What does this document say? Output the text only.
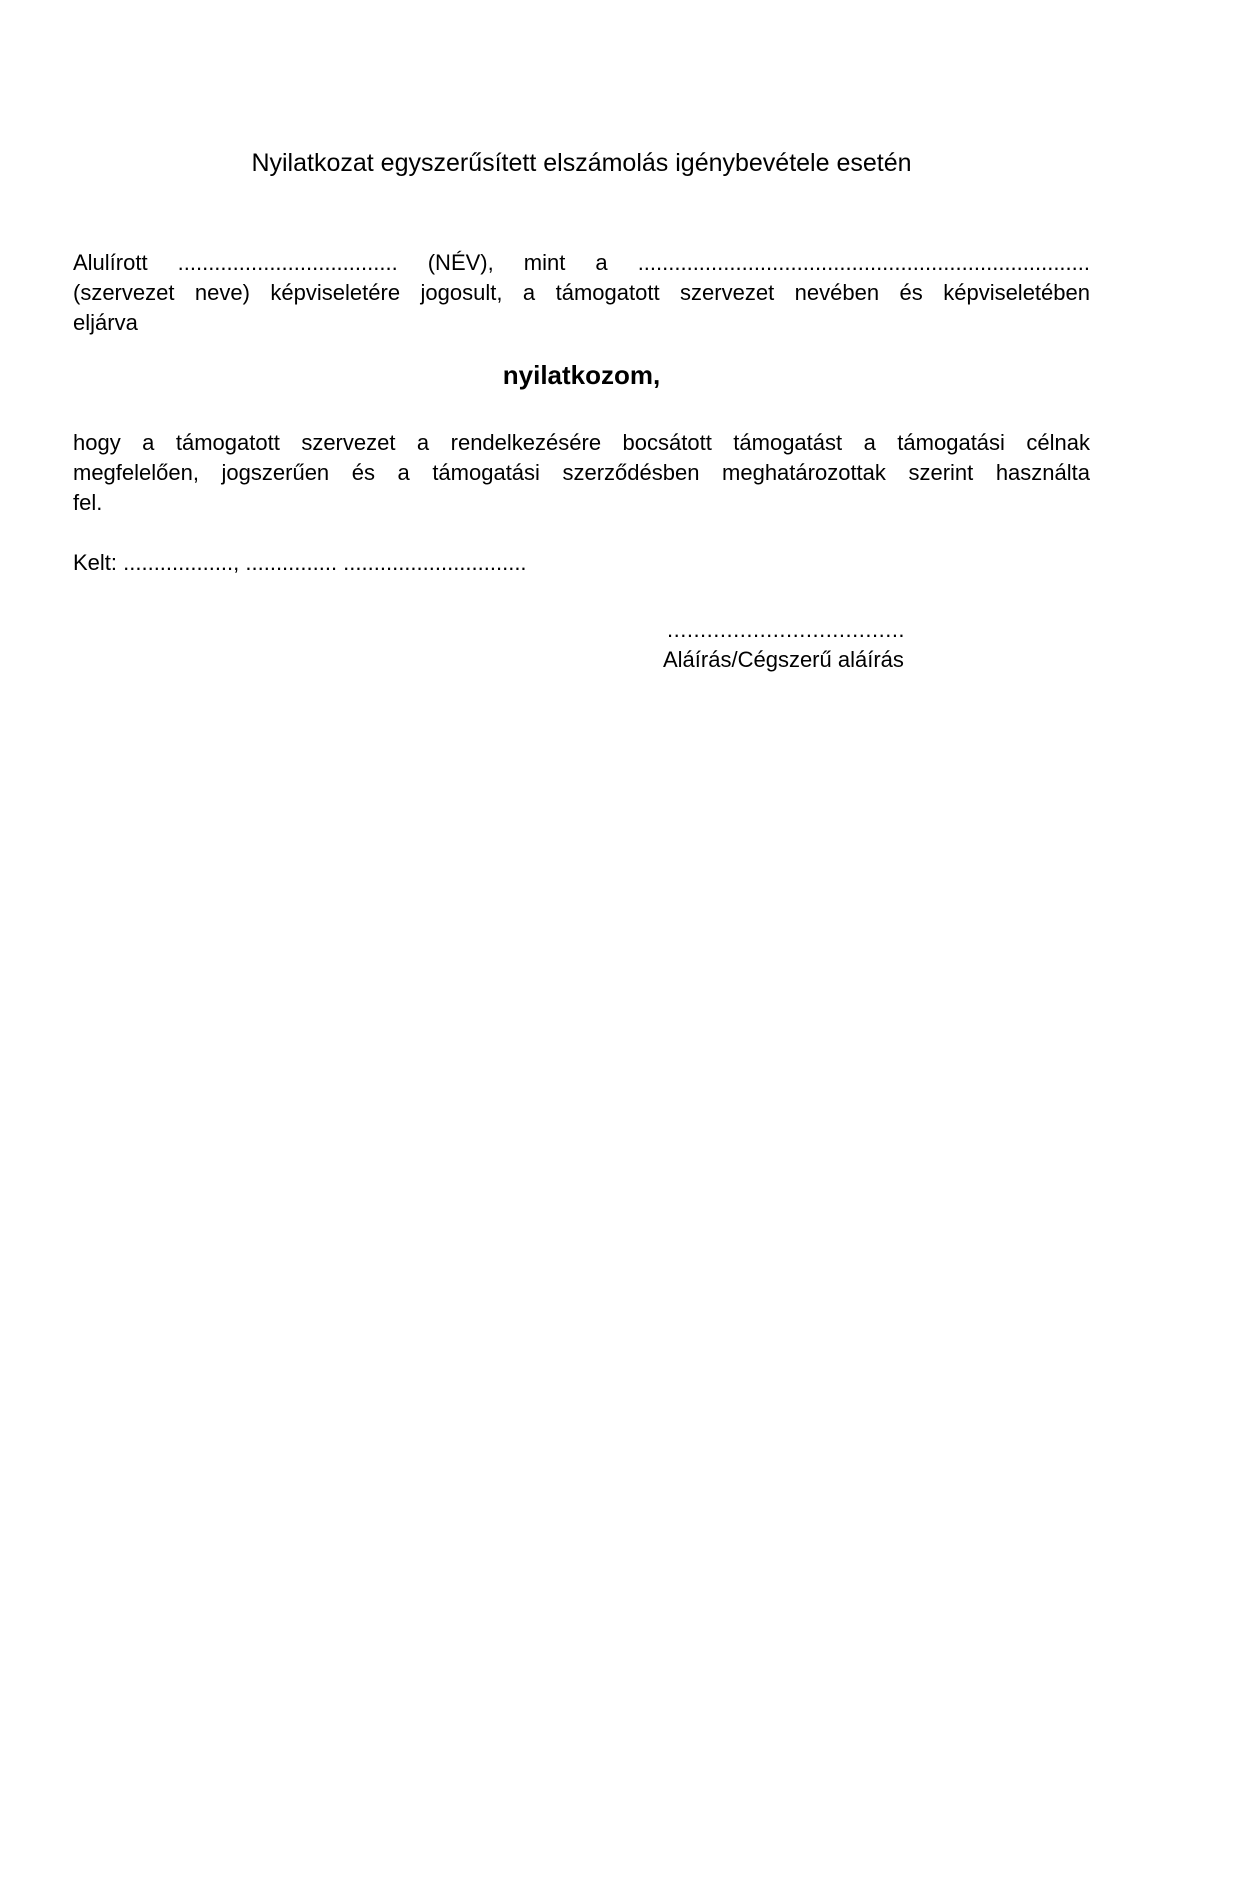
Nyilatkozat egyszerűsített elszámolás igénybevétele esetén
Alulírott .................................... (NÉV), mint a ..........................................................................
(szervezet neve) képviseletére jogosult, a támogatott szervezet nevében és képviseletében
eljárva
nyilatkozom,
hogy a támogatott szervezet a rendelkezésére bocsátott támogatást a támogatási célnak
megfelelően, jogszerűen és a támogatási szerződésben meghatározottak szerint használta
fel.
Kelt: .................., ............... ..............................
....................................
Aláírás/Cégszerű aláírás
